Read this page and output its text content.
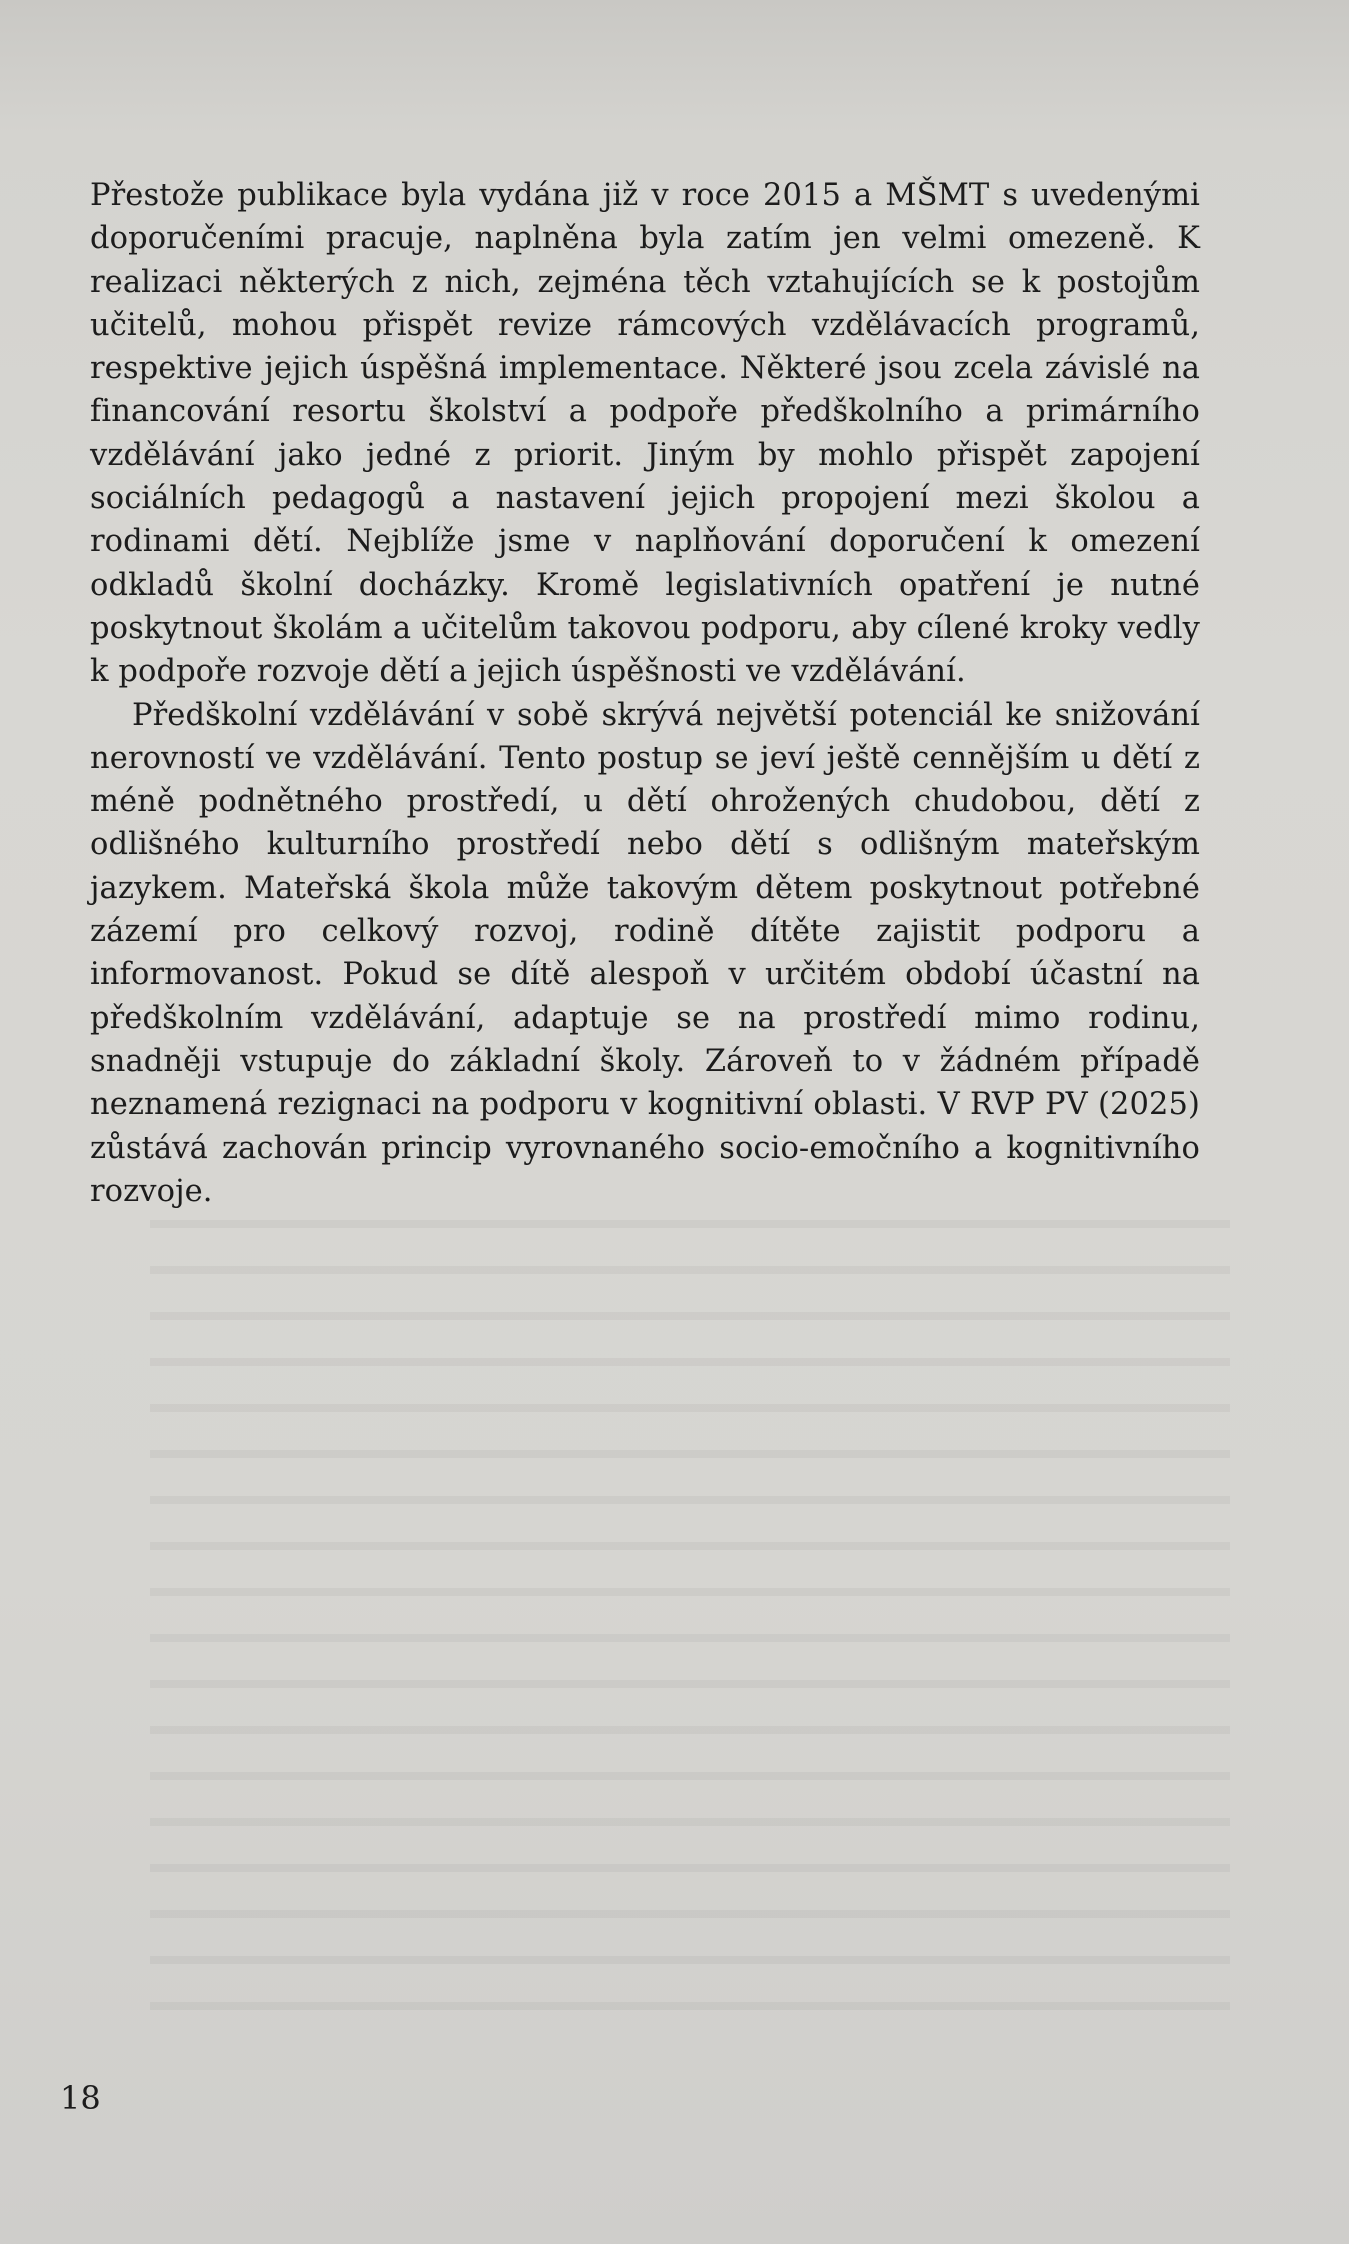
Přestože publikace byla vydána již v roce 2015 a MŠMT s uvedenými doporučeními pracuje, naplněna byla zatím jen velmi omezeně. K realizaci některých z nich, zejména těch vztahujících se k postojům učitelů, mohou přispět revize rámcových vzdělávacích programů, respektive jejich úspěšná implementace. Některé jsou zcela závislé na financování resortu školství a podpoře předškolního a primárního vzdělávání jako jedné z priorit. Jiným by mohlo přispět zapojení sociálních pedagogů a nastavení jejich propojení mezi školou a rodinami dětí. Nejblíže jsme v naplňování doporučení k omezení odkladů školní docházky. Kromě legislativních opatření je nutné poskytnout školám a učitelům takovou podporu, aby cílené kroky vedly k podpoře rozvoje dětí a jejich úspěšnosti ve vzdělávání.

Předškolní vzdělávání v sobě skrývá největší potenciál ke snižování nerovností ve vzdělávání. Tento postup se jeví ještě cennějším u dětí z méně podnětného prostředí, u dětí ohrožených chudobou, dětí z odlišného kulturního prostředí nebo dětí s odlišným mateřským jazykem. Mateřská škola může takovým dětem poskytnout potřebné zázemí pro celkový rozvoj, rodině dítěte zajistit podporu a informovanost. Pokud se dítě alespoň v určitém období účastní na předškolním vzdělávání, adaptuje se na prostředí mimo rodinu, snadněji vstupuje do základní školy. Zároveň to v žádném případě neznamená rezignaci na podporu v kognitivní oblasti. V RVP PV (2025) zůstává zachován princip vyrovnaného socio-emočního a kognitivního rozvoje.

18
